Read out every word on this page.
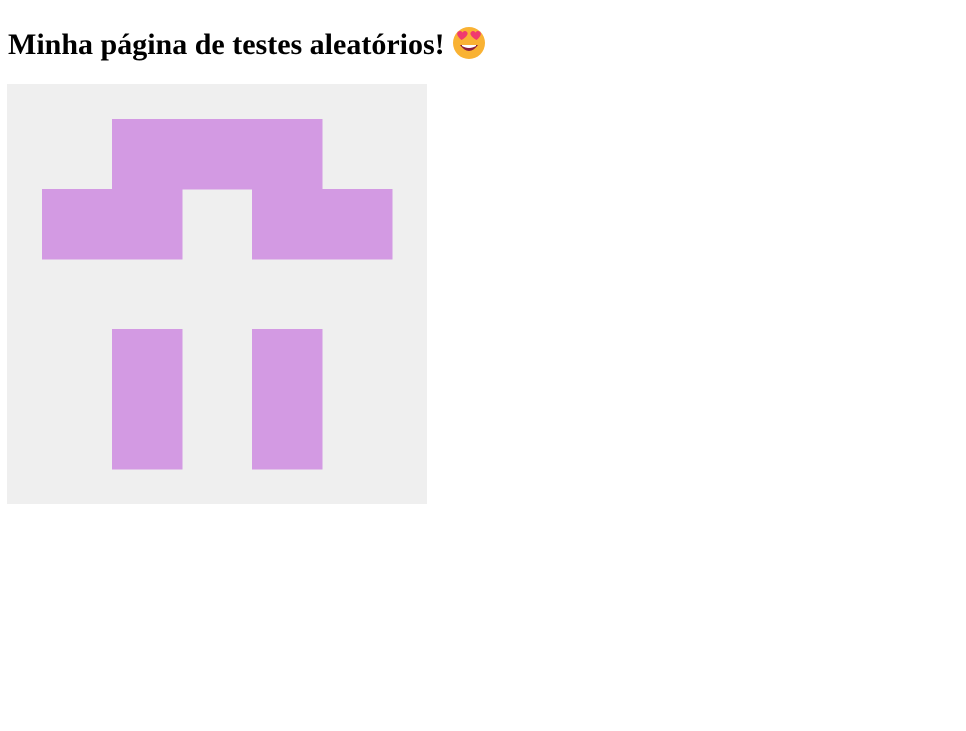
Minha página de testes aleatórios!
